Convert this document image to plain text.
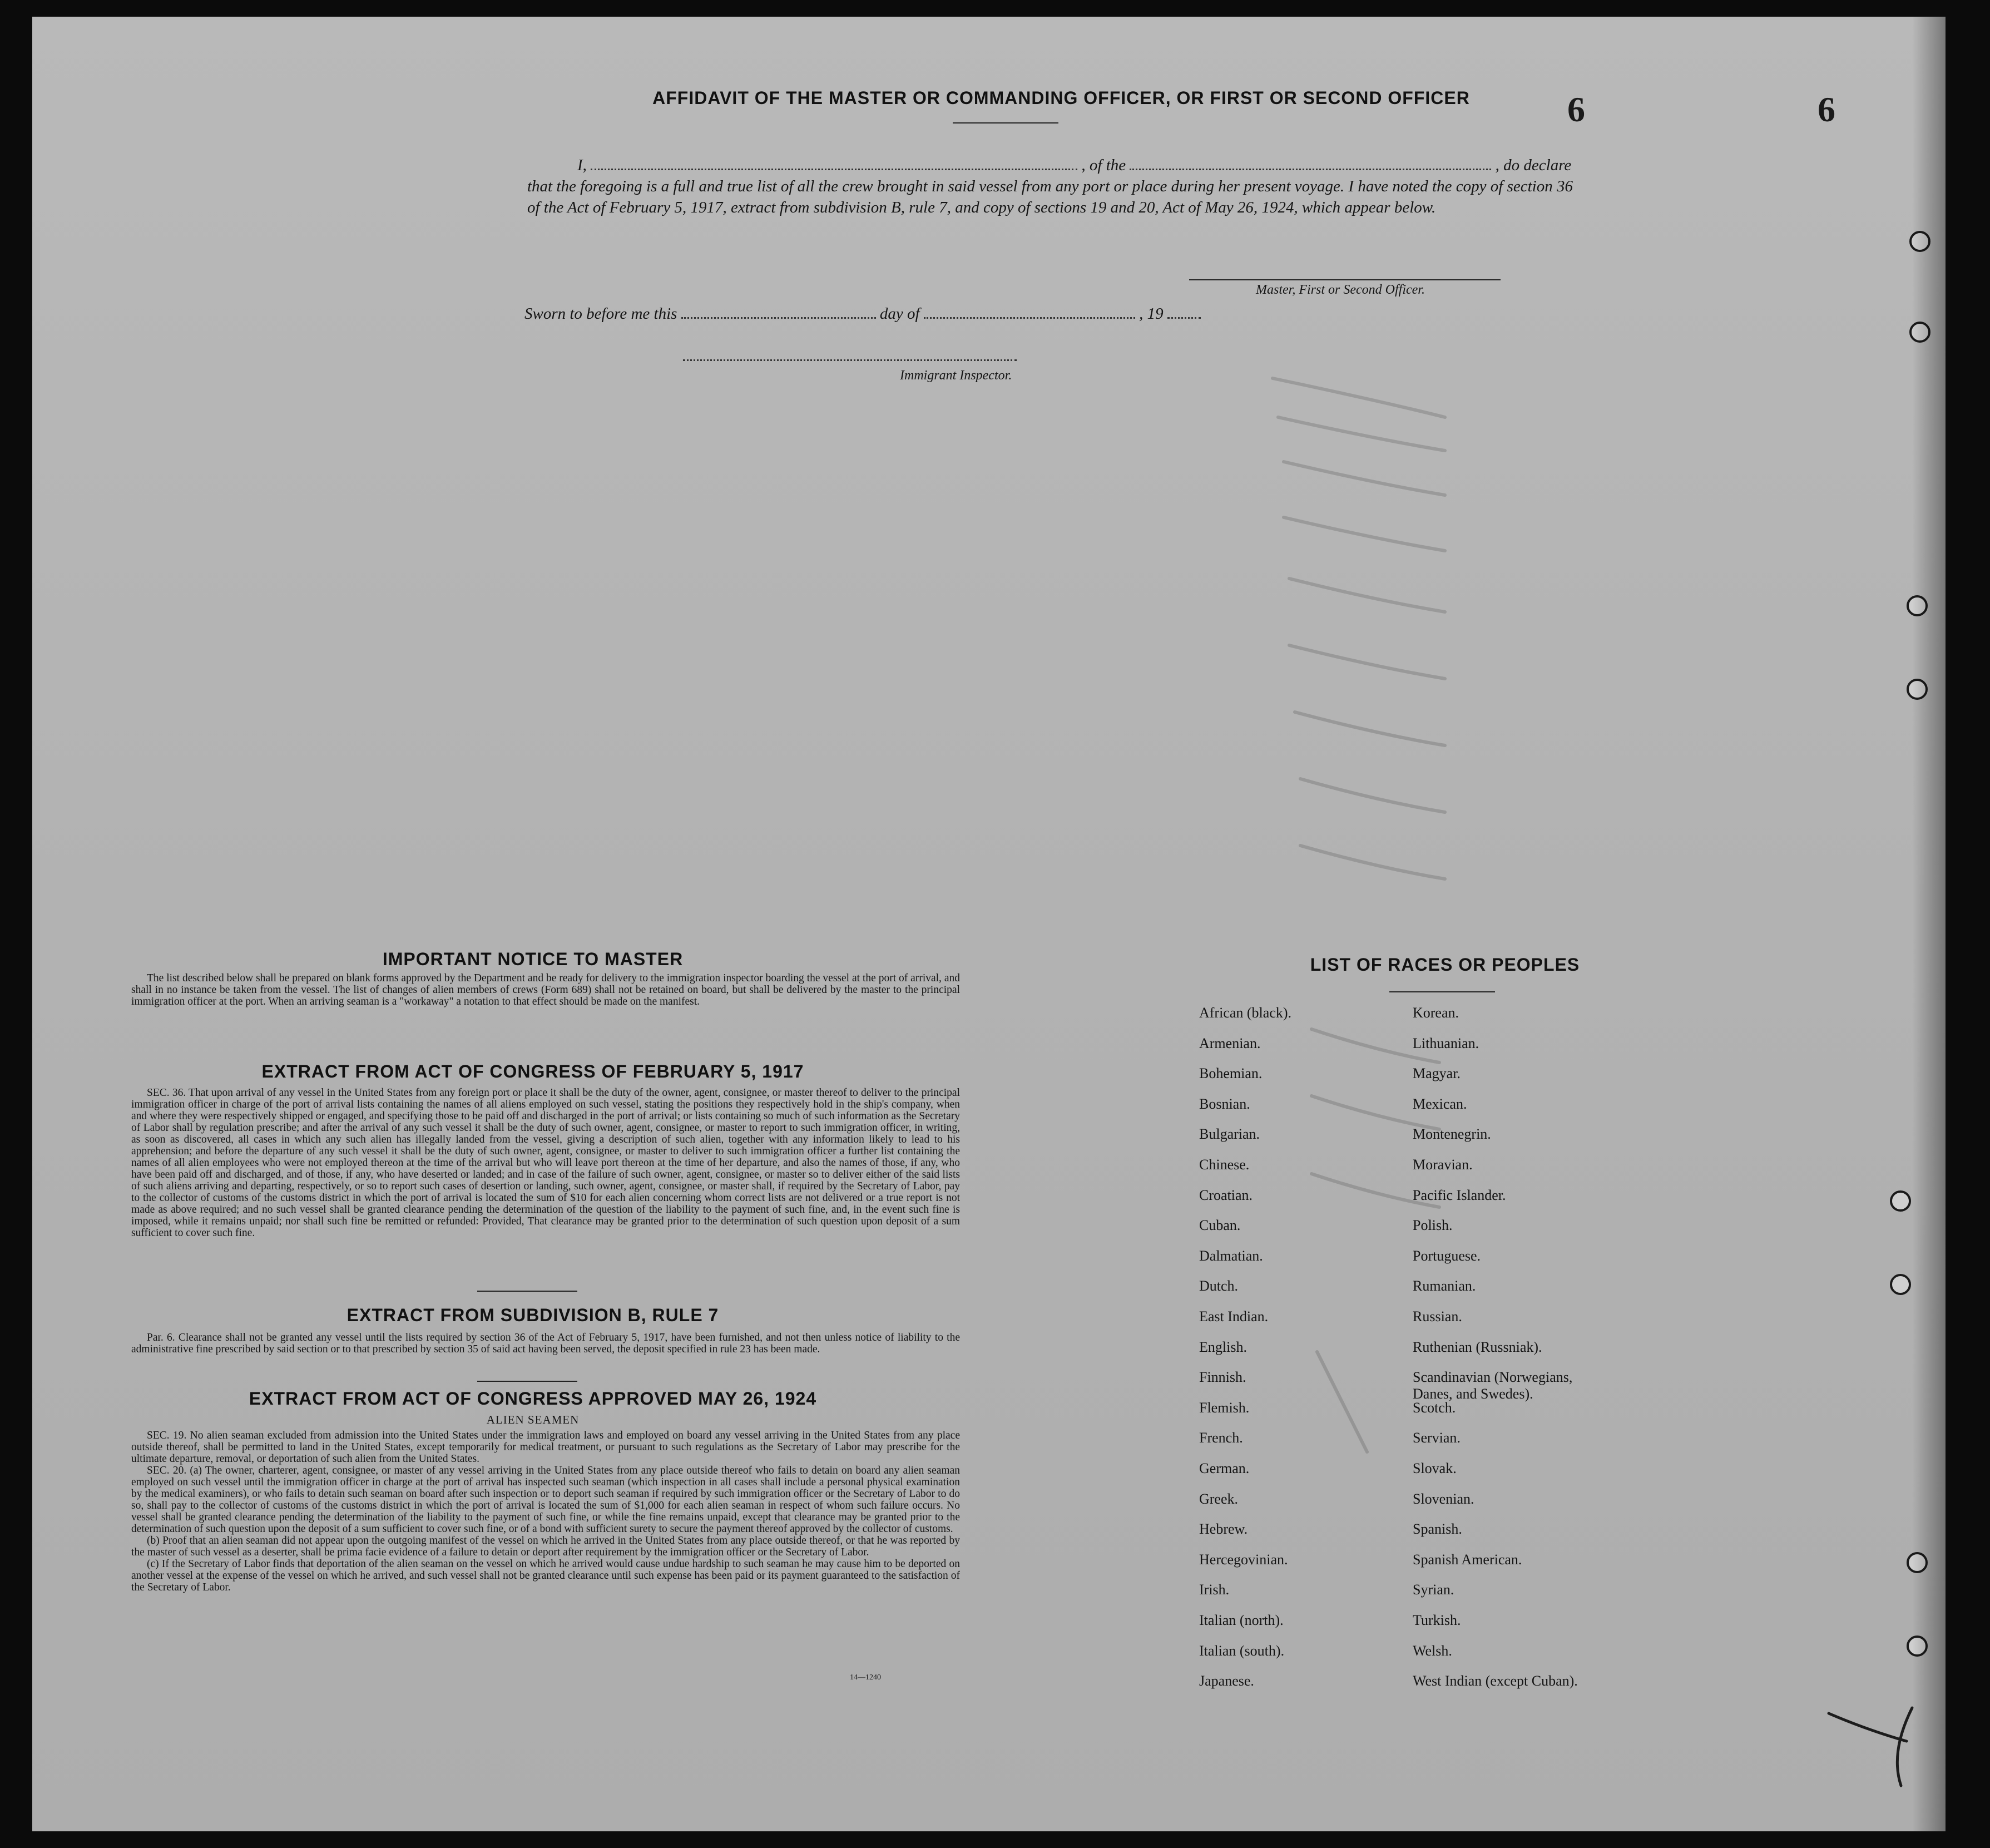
AFFIDAVIT OF THE MASTER OR COMMANDING OFFICER, OR FIRST OR SECOND OFFICER
I,	, of the	, do declare
that the foregoing is a full and true list of all the crew brought in said vessel from any port or place during her present voyage. I have noted the copy of section 36 of the Act of February 5, 1917, extract from subdivision B, rule 7, and copy of sections 19 and 20, Act of May 26, 1924, which appear below.
Master, First or Second Officer.
Sworn to before me this	day of	, 19
Immigrant Inspector.
IMPORTANT NOTICE TO MASTER

The list described below shall be prepared on blank forms approved by the Department and be ready for delivery to the immigration inspector boarding the vessel at the port of arrival, and shall in no instance be taken from the vessel. The list of changes of alien members of crews (Form 689) shall not be retained on board, but shall be delivered by the master to the principal immigration officer at the port. When an arriving seaman is a "workaway" a notation to that effect should be made on the manifest.

EXTRACT FROM ACT OF CONGRESS OF FEBRUARY 5, 1917

SEC. 36. That upon arrival of any vessel in the United States from any foreign port or place it shall be the duty of the owner, agent, consignee, or master thereof to deliver to the principal immigration officer in charge of the port of arrival lists containing the names of all aliens employed on such vessel, stating the positions they respectively hold in the ship's company, when and where they were respectively shipped or engaged, and specifying those to be paid off and discharged in the port of arrival; or lists containing so much of such information as the Secretary of Labor shall by regulation prescribe; and after the arrival of any such vessel it shall be the duty of such owner, agent, consignee, or master to report to such immigration officer, in writing, as soon as discovered, all cases in which any such alien has illegally landed from the vessel, giving a description of such alien, together with any information likely to lead to his apprehension; and before the departure of any such vessel it shall be the duty of such owner, agent, consignee, or master to deliver to such immigration officer a further list containing the names of all alien employees who were not employed thereon at the time of the arrival but who will leave port thereon at the time of her departure, and also the names of those, if any, who have been paid off and discharged, and of those, if any, who have deserted or landed; and in case of the failure of such owner, agent, consignee, or master so to deliver either of the said lists of such aliens arriving and departing, respectively, or so to report such cases of desertion or landing, such owner, agent, consignee, or master shall, if required by the Secretary of Labor, pay to the collector of customs of the customs district in which the port of arrival is located the sum of $10 for each alien concerning whom correct lists are not delivered or a true report is not made as above required; and no such vessel shall be granted clearance pending the determination of the question of the liability to the payment of such fine, and, in the event such fine is imposed, while it remains unpaid; nor shall such fine be remitted or refunded: Provided, That clearance may be granted prior to the determination of such question upon deposit of a sum sufficient to cover such fine.

EXTRACT FROM SUBDIVISION B, RULE 7

Par. 6. Clearance shall not be granted any vessel until the lists required by section 36 of the Act of February 5, 1917, have been furnished, and not then unless notice of liability to the administrative fine prescribed by said section or to that prescribed by section 35 of said act having been served, the deposit specified in rule 23 has been made.

EXTRACT FROM ACT OF CONGRESS APPROVED MAY 26, 1924
ALIEN SEAMEN

SEC. 19. No alien seaman excluded from admission into the United States under the immigration laws and employed on board any vessel arriving in the United States from any place outside thereof, shall be permitted to land in the United States, except temporarily for medical treatment, or pursuant to such regulations as the Secretary of Labor may prescribe for the ultimate departure, removal, or deportation of such alien from the United States.

SEC. 20. (a) The owner, charterer, agent, consignee, or master of any vessel arriving in the United States from any place outside thereof who fails to detain on board any alien seaman employed on such vessel until the immigration officer in charge at the port of arrival has inspected such seaman (which inspection in all cases shall include a personal physical examination by the medical examiners), or who fails to detain such seaman on board after such inspection or to deport such seaman if required by such immigration officer or the Secretary of Labor to do so, shall pay to the collector of customs of the customs district in which the port of arrival is located the sum of $1,000 for each alien seaman in respect of whom such failure occurs. No vessel shall be granted clearance pending the determination of the liability to the payment of such fine, or while the fine remains unpaid, except that clearance may be granted prior to the determination of such question upon the deposit of a sum sufficient to cover such fine, or of a bond with sufficient surety to secure the payment thereof approved by the collector of customs.

(b) Proof that an alien seaman did not appear upon the outgoing manifest of the vessel on which he arrived in the United States from any place outside thereof, or that he was reported by the master of such vessel as a deserter, shall be prima facie evidence of a failure to detain or deport after requirement by the immigration officer or the Secretary of Labor.

(c) If the Secretary of Labor finds that deportation of the alien seaman on the vessel on which he arrived would cause undue hardship to such seaman he may cause him to be deported on another vessel at the expense of the vessel on which he arrived, and such vessel shall not be granted clearance until such expense has been paid or its payment guaranteed to the satisfaction of the Secretary of Labor.

14—1240
LIST OF RACES OR PEOPLES
6	6
African (black).
Armenian.
Bohemian.
Bosnian.
Bulgarian.
Chinese.
Croatian.
Cuban.
Dalmatian.
Dutch.
East Indian.
English.
Finnish.
Flemish.
French.
German.
Greek.
Hebrew.
Hercegovinian.
Irish.
Italian (north).
Italian (south).
Japanese.
Korean.
Lithuanian.
Magyar.
Mexican.
Montenegrin.
Moravian.
Pacific Islander.
Polish.
Portuguese.
Rumanian.
Russian.
Ruthenian (Russniak).
Scandinavian (Norwegians,
Danes, and Swedes).
Scotch.
Servian.
Slovak.
Slovenian.
Spanish.
Spanish American.
Syrian.
Turkish.
Welsh.
West Indian (except Cuban).
